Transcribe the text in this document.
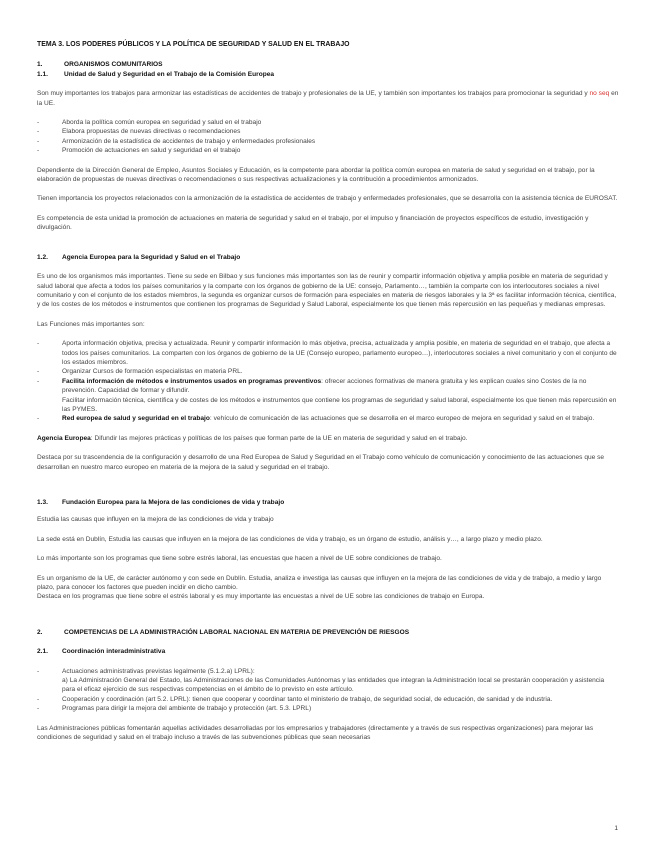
TEMA 3. LOS PODERES PÚBLICOS Y LA POLÍTICA DE SEGURIDAD Y SALUD EN EL TRABAJO
1.	ORGANISMOS COMUNITARIOS
1.1.	Unidad de Salud y Seguridad en el Trabajo de la Comisión Europea

Son muy importantes los trabajos para armonizar las estadísticas de accidentes de trabajo y profesionales de la UE, y también son importantes los trabajos para promocionar la seguridad y no seq en la UE.

-	Aborda la política común europea en seguridad y salud en el trabajo
-	Elabora propuestas de nuevas directivas o recomendaciones
-	Armonización de la estadística de accidentes de trabajo y enfermedades profesionales
-	Promoción de actuaciones en salud y seguridad en el trabajo

Dependiente de la Dirección General de Empleo, Asuntos Sociales y Educación, es la competente para abordar la política común europea en materia de salud y seguridad en el trabajo, por la elaboración de propuestas de nuevas directivas o recomendaciones o sus respectivas actualizaciones y la contribución a procedimientos armonizados.

Tienen importancia los proyectos relacionados con la armonización de la estadística de accidentes de trabajo y enfermedades profesionales, que se desarrolla con la asistencia técnica de EUROSAT.

Es competencia de esta unidad la promoción de actuaciones en materia de seguridad y salud en el trabajo, por el impulso y financiación de proyectos específicos de estudio, investigación y divulgación.

1.2.	Agencia Europea para la Seguridad y Salud en el Trabajo

Es uno de los organismos más importantes. Tiene su sede en Bilbao y sus funciones más importantes son las de reunir y compartir información objetiva y amplia posible en materia de seguridad y salud laboral que afecta a todos los países comunitarios y la comparte con los órganos de gobierno de la UE: consejo, Parlamento…, también la comparte con los interlocutores sociales a nivel comunitario y con el conjunto de los estados miembros, la segunda es organizar cursos de formación para especiales en materia de riesgos laborales y la 3ª es facilitar información técnica, científica, y de los costes de los métodos e instrumentos que contienen los programas de Seguridad y Salud Laboral, especialmente los que tienen más repercusión en las pequeñas y medianas empresas.

Las Funciones más importantes son:

-	Aporta información objetiva, precisa y actualizada. Reunir y compartir información lo más objetiva, precisa, actualizada y amplia posible, en materia de seguridad en el trabajo, que afecta a todos los países comunitarios. La comparten con los órganos de gobierno de la UE (Consejo europeo, parlamento europeo…), interlocutores sociales a nivel comunitario y con el conjunto de los estados miembros.
-	Organizar Cursos de formación especialistas en materia PRL.
-	Facilita información de métodos e instrumentos usados en programas preventivos: ofrecer acciones formativas de manera gratuita y les explican cuales sino Costes de la no prevención. Capacidad de formar y difundir.
Facilitar información técnica, científica y de costes de los métodos e instrumentos que contiene los programas de seguridad y salud laboral, especialmente los que tienen más repercusión en las PYMES.
-	Red europea de salud y seguridad en el trabajo: vehículo de comunicación de las actuaciones que se desarrolla en el marco europeo de mejora en seguridad y salud en el trabajo.

Agencia Europea: Difundir las mejores prácticas y políticas de los países que forman parte de la UE en materia de seguridad y salud en el trabajo.

Destaca por su trascendencia de la configuración y desarrollo de una Red Europea de Salud y Seguridad en el Trabajo como vehículo de comunicación y conocimiento de las actuaciones que se desarrollan en nuestro marco europeo en materia de la mejora de la salud y seguridad en el trabajo.

1.3.	Fundación Europea para la Mejora de las condiciones de vida y trabajo

Estudia las causas que influyen en la mejora de las condiciones de vida y trabajo

La sede está en Dublín, Estudia las causas que influyen en la mejora de las condiciones de vida y trabajo, es un órgano de estudio, análisis y…, a largo plazo y medio plazo.

Lo más importante son los programas que tiene sobre estrés laboral, las encuestas que hacen a nivel de UE sobre condiciones de trabajo.

Es un organismo de la UE, de carácter autónomo y con sede en Dublín. Estudia, analiza e investiga las causas que influyen en la mejora de las condiciones de vida y de trabajo, a medio y largo plazo, para conocer los factores que pueden incidir en dicho cambio.

Destaca en los programas que tiene sobre el estrés laboral y es muy importante las encuestas a nivel de UE sobre las condiciones de trabajo en Europa.

2.	COMPETENCIAS DE LA ADMINISTRACIÓN LABORAL NACIONAL EN MATERIA DE PREVENCIÓN DE RIESGOS
2.1.	Coordinación interadministrativa
-	Actuaciones administrativas previstas legalmente (5.1.2.a) LPRL):
a) La Administración General del Estado, las Administraciones de las Comunidades Autónomas y las entidades que integran la Administración local se prestarán cooperación y asistencia para el eficaz ejercicio de sus respectivas competencias en el ámbito de lo previsto en este artículo.
-	Cooperación y coordinación (art 5.2. LPRL): tienen que cooperar y coordinar tanto el ministerio de trabajo, de seguridad social, de educación, de sanidad y de industria.
-	Programas para dirigir la mejora del ambiente de trabajo y protección (art. 5.3. LPRL)

Las Administraciones públicas fomentarán aquellas actividades desarrolladas por los empresarios y trabajadores (directamente y a través de sus respectivas organizaciones) para mejorar las condiciones de seguridad y salud en el trabajo incluso a través de las subvenciones públicas que sean necesarias

1
